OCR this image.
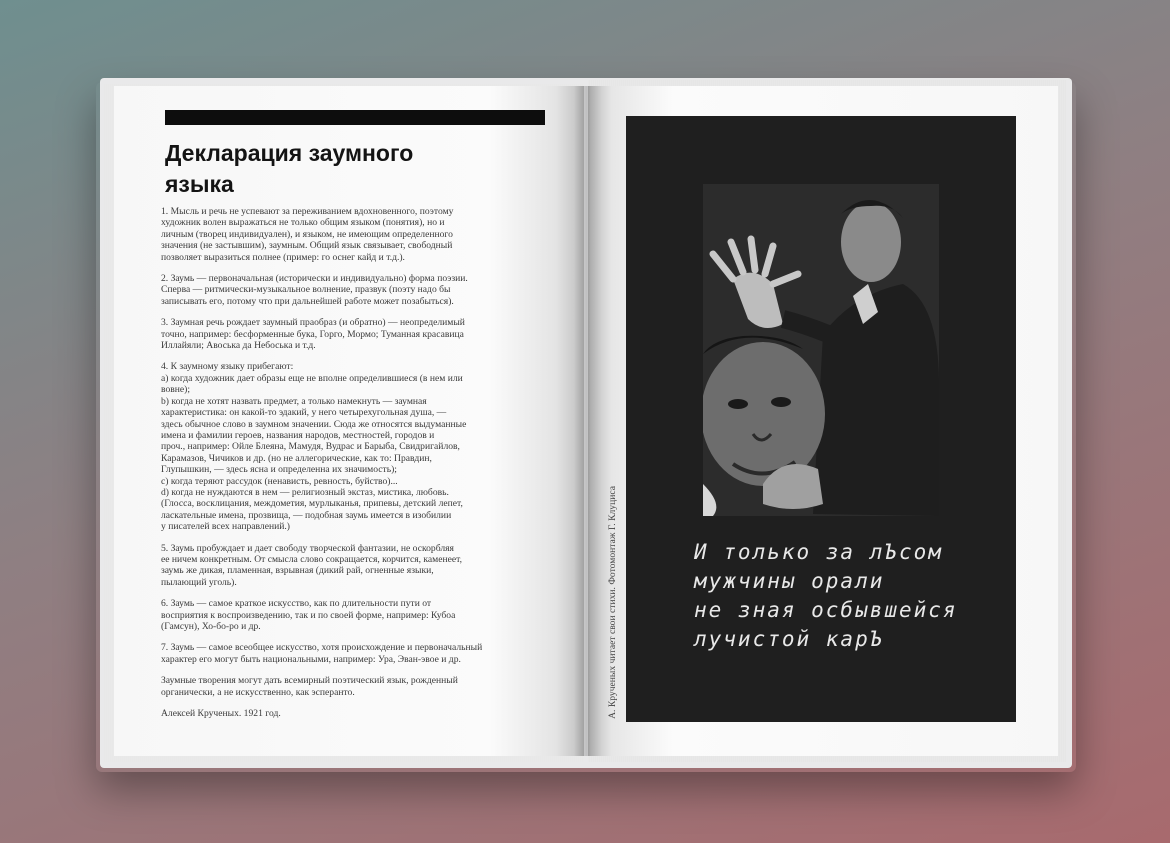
Декларация заумного
языка

1. Мысль и речь не успевают за переживанием вдохновенного, поэтому
художник волен выражаться не только общим языком (понятия), но и
личным (творец индивидуален), и языком, не имеющим определенного
значения (не застывшим), заумным. Общий язык связывает, свободный
позволяет выразиться полнее (пример: го оснег кайд и т.д.).

2. Заумь — первоначальная (исторически и индивидуально) форма поэзии.
Сперва — ритмически-музыкальное волнение, празвук (поэту надо бы
записывать его, потому что при дальнейшей работе может позабыться).

3. Заумная речь рождает заумный праобраз (и обратно) — неопределимый
точно, например: бесформенные бука, Горго, Мормо; Туманная красавица
Иллайяли; Авоська да Небоська и т.д.

4. К заумному языку прибегают:
а) когда художник дает образы еще не вполне определившиеся (в нем или
вовне);
b) когда не хотят назвать предмет, а только намекнуть — заумная
характеристика: он какой-то эдакий, у него четырехугольная душа, —
здесь обычное слово в заумном значении. Сюда же относятся выдуманные
имена и фамилии героев, названия народов, местностей, городов и
проч., например: Ойле Блеяна, Мамудя, Вудрас и Барыба, Свидригайлов,
Карамазов, Чичиков и др. (но не аллегорические, как то: Правдин,
Глупышкин, — здесь ясна и определенна их значимость);
с) когда теряют рассудок (ненависть, ревность, буйство)...
d) когда не нуждаются в нем — религиозный экстаз, мистика, любовь.
(Глосса, восклицания, междометия, мурлыканья, припевы, детский лепет,
ласкательные имена, прозвища, — подобная заумь имеется в изобилии
у писателей всех направлений.)

5. Заумь пробуждает и дает свободу творческой фантазии, не оскорбляя
ее ничем конкретным. От смысла слово сокращается, корчится, каменеет,
заумь же дикая, пламенная, взрывная (дикий рай, огненные языки,
пылающий уголь).

6. Заумь — самое краткое искусство, как по длительности пути от
восприятия к воспроизведению, так и по своей форме, например: Кубоа
(Гамсун), Хо-бо-ро и др.

7. Заумь — самое всеобщее искусство, хотя происхождение и первоначальный
характер его могут быть национальными, например: Ура, Эван-эвое и др.

Заумные творения могут дать всемирный поэтический язык, рожденный
органически, а не искусственно, как эсперанто.

Алексей Крученых. 1921 год.	А. Крученых читает свои стихи. Фотомонтаж Г. Клуциса	И только за лЪсом
мужчины орали
не зная осбывшейся
лучистой карЪ
